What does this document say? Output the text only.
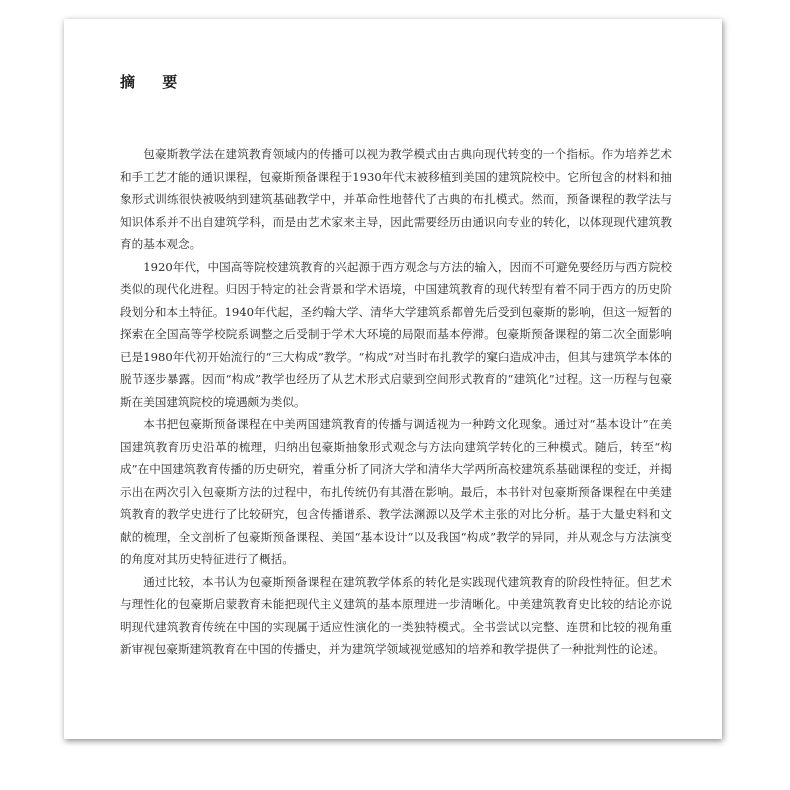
摘 要

包豪斯教学法在建筑教育领域内的传播可以视为教学模式由古典向现代转变的一个指标。作为培养艺术和手工艺才能的通识课程，包豪斯预备课程于1930年代末被移植到美国的建筑院校中。它所包含的材料和抽象形式训练很快被吸纳到建筑基础教学中，并革命性地替代了古典的布扎模式。然而，预备课程的教学法与知识体系并不出自建筑学科，而是由艺术家来主导，因此需要经历由通识向专业的转化，以体现现代建筑教育的基本观念。

1920年代，中国高等院校建筑教育的兴起源于西方观念与方法的输入，因而不可避免要经历与西方院校类似的现代化进程。归因于特定的社会背景和学术语境，中国建筑教育的现代转型有着不同于西方的历史阶段划分和本土特征。1940年代起，圣约翰大学、清华大学建筑系都曾先后受到包豪斯的影响，但这一短暂的探索在全国高等学校院系调整之后受制于学术大环境的局限而基本停滞。包豪斯预备课程的第二次全面影响已是1980年代初开始流行的“三大构成”教学。“构成”对当时布扎教学的窠臼造成冲击，但其与建筑学本体的脱节逐步暴露。因而“构成”教学也经历了从艺术形式启蒙到空间形式教育的“建筑化”过程。这一历程与包豪斯在美国建筑院校的境遇颇为类似。

本书把包豪斯预备课程在中美两国建筑教育的传播与调适视为一种跨文化现象。通过对“基本设计”在美国建筑教育历史沿革的梳理，归纳出包豪斯抽象形式观念与方法向建筑学转化的三种模式。随后，转至“构成”在中国建筑教育传播的历史研究，着重分析了同济大学和清华大学两所高校建筑系基础课程的变迁，并揭示出在两次引入包豪斯方法的过程中，布扎传统仍有其潜在影响。最后，本书针对包豪斯预备课程在中美建筑教育的教学史进行了比较研究，包含传播谱系、教学法渊源以及学术主张的对比分析。基于大量史料和文献的梳理，全文剖析了包豪斯预备课程、美国“基本设计”以及我国“构成”教学的异同，并从观念与方法演变的角度对其历史特征进行了概括。

通过比较，本书认为包豪斯预备课程在建筑教学体系的转化是实践现代建筑教育的阶段性特征。但艺术与理性化的包豪斯启蒙教育未能把现代主义建筑的基本原理进一步清晰化。中美建筑教育史比较的结论亦说明现代建筑教育传统在中国的实现属于适应性演化的一类独特模式。全书尝试以完整、连贯和比较的视角重新审视包豪斯建筑教育在中国的传播史，并为建筑学领域视觉感知的培养和教学提供了一种批判性的论述。
